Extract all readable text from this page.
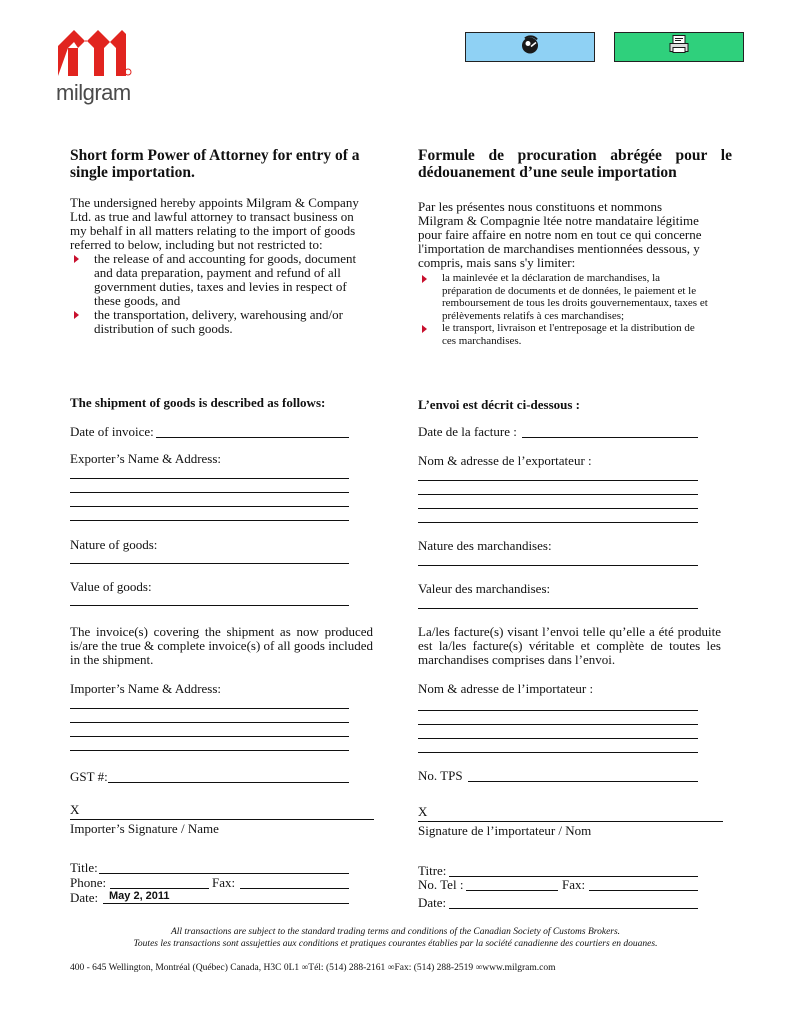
milgram
Short form Power of Attorney for entry of a single importation.

The undersigned hereby appoints Milgram & Company Ltd. as true and lawful attorney to transact business on my behalf in all matters relating to the import of goods referred to below, including but not restricted to:

the release of and accounting for goods, document and data preparation, payment and refund of all government duties, taxes and levies in respect of these goods, and
the transportation, delivery, warehousing and/or distribution of such goods.
The shipment of goods is described as follows:
Date of invoice:
Exporter’s Name & Address:
Nature of goods:
Value of goods:
The invoice(s) covering the shipment as now produced is/are the true & complete invoice(s) of all goods included in the shipment.
Importer’s Name & Address:
GST #:
X
Importer’s Signature / Name
Title:
Phone:	Fax:
Date: May 2, 2011
Formule de procuration abrégée pour le dédouanement d’une seule importation

Par les présentes nous constituons et nommons Milgram & Compagnie ltée notre mandataire légitime pour faire affaire en notre nom en tout ce qui concerne l'importation de marchandises mentionnées dessous, y compris, mais sans s'y limiter:

la mainlevée et la déclaration de marchandises, la préparation de documents et de données, le paiement et le remboursement de tous les droits gouvernementaux, taxes et prélèvements relatifs à ces marchandises;
le transport, livraison et l'entreposage et la distribution de ces marchandises.
L’envoi est décrit ci-dessous :
Date de la facture :
Nom & adresse de l’exportateur :
Nature des marchandises:
Valeur des marchandises:
La/les facture(s) visant l’envoi telle qu’elle a été produite est la/les facture(s) véritable et complète de toutes les marchandises comprises dans l’envoi.
Nom & adresse de l’importateur :
No. TPS
X
Signature de l’importateur / Nom
Titre:
No. Tel :	Fax:
Date:
All transactions are subject to the standard trading terms and conditions of the Canadian Society of Customs Brokers.
Toutes les transactions sont assujetties aux conditions et pratiques courantes établies par la société canadienne des courtiers en douanes.
400 - 645 Wellington, Montréal (Québec) Canada, H3C 0L1 ∞Tél: (514) 288-2161 ∞Fax: (514) 288-2519 ∞www.milgram.com
